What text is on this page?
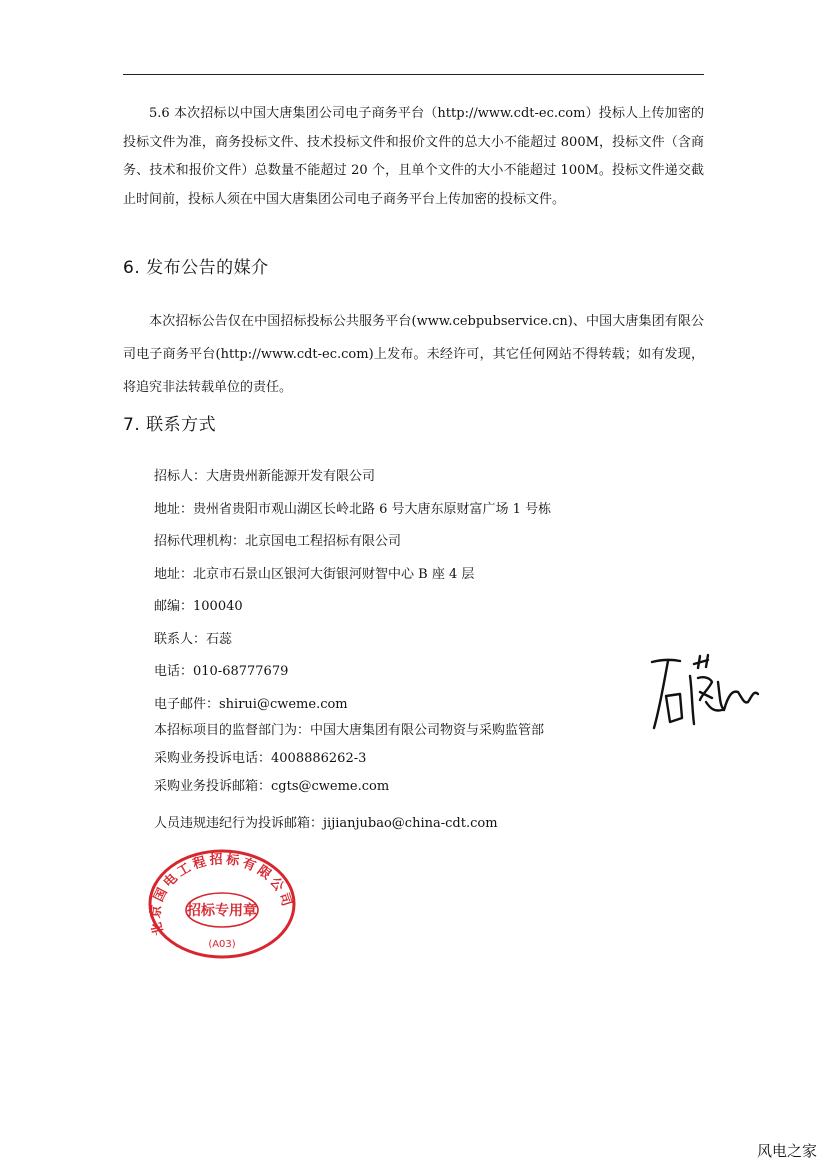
5.6 本次招标以中国大唐集团公司电子商务平台（http://www.cdt-ec.com）投标人上传加密的投标文件为准，商务投标文件、技术投标文件和报价文件的总大小不能超过 800M，投标文件（含商务、技术和报价文件）总数量不能超过 20 个，且单个文件的大小不能超过 100M。投标文件递交截止时间前，投标人须在中国大唐集团公司电子商务平台上传加密的投标文件。

6. 发布公告的媒介

本次招标公告仅在中国招标投标公共服务平台(www.cebpubservice.cn)、中国大唐集团有限公司电子商务平台(http://www.cdt-ec.com)上发布。未经许可，其它任何网站不得转载；如有发现，将追究非法转载单位的责任。

7. 联系方式
招标人：大唐贵州新能源开发有限公司
地址：贵州省贵阳市观山湖区长岭北路 6 号大唐东原财富广场 1 号栋
招标代理机构：北京国电工程招标有限公司
地址：北京市石景山区银河大街银河财智中心 B 座 4 层
邮编：100040
联系人：石蕊
电话：010-68777679
电子邮件：shirui@cweme.com
本招标项目的监督部门为：中国大唐集团有限公司物资与采购监管部
采购业务投诉电话：4008886262-3
采购业务投诉邮箱：cgts@cweme.com
人员违规违纪行为投诉邮箱：jijianjubao@china-cdt.com
北京国电工程招标有限公司
招标专用章
(A03)
风电之家
